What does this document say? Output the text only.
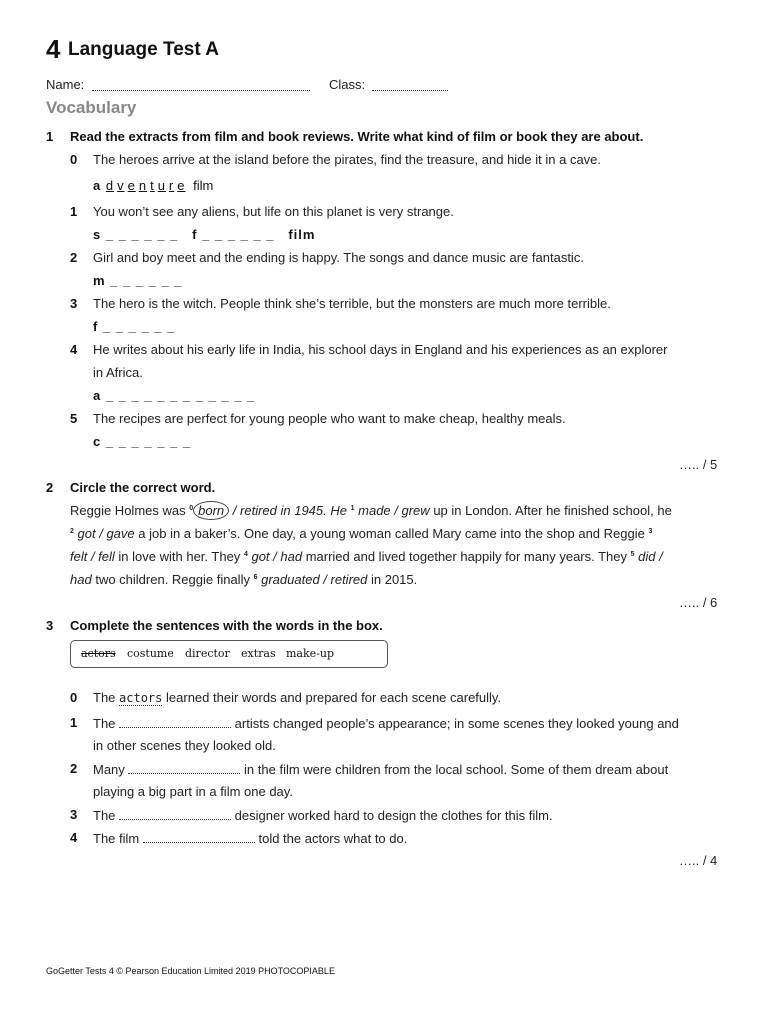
4 Language Test A
Name:	Class:
Vocabulary
1 Read the extracts from film and book reviews. Write what kind of film or book they are about.
0 The heroes arrive at the island before the pirates, find the treasure, and hide it in a cave.
a d v e n t u r e film
1 You won’t see any aliens, but life on this planet is very strange.
s _ _ _ _ _ _   f _ _ _ _ _ _   film
2 Girl and boy meet and the ending is happy. The songs and dance music are fantastic.
m _ _ _ _ _ _
3 The hero is the witch. People think she’s terrible, but the monsters are much more terrible.
f _ _ _ _ _ _
4 He writes about his early life in India, his school days in England and his experiences as an explorer
in Africa.
a _ _ _ _ _ _ _ _ _ _ _ _
5 The recipes are perfect for young people who want to make cheap, healthy meals.
c _ _ _ _ _ _ _
….. / 5
2 Circle the correct word.
Reggie Holmes was $^0$ born / retired in 1945. He $^1$ made / grew up in London. After he finished school, he
$^2$ got / gave a job in a baker’s. One day, a young woman called Mary came into the shop and Reggie $^3$
felt / fell in love with her. They $^4$ got / had married and lived together happily for many years. They $^5$ did /
had two children. Reggie finally $^6$ graduated / retired in 2015.
….. / 6
3 Complete the sentences with the words in the box.
actors costume director extras make-up
0 The actors learned their words and prepared for each scene carefully.
1 The	artists changed people’s appearance; in some scenes they looked young and
in other scenes they looked old.
2 Many	in the film were children from the local school. Some of them dream about
playing a big part in a film one day.
3 The	designer worked hard to design the clothes for this film.
4 The film	told the actors what to do.
….. / 4
GoGetter Tests 4 © Pearson Education Limited 2019 PHOTOCOPIABLE
